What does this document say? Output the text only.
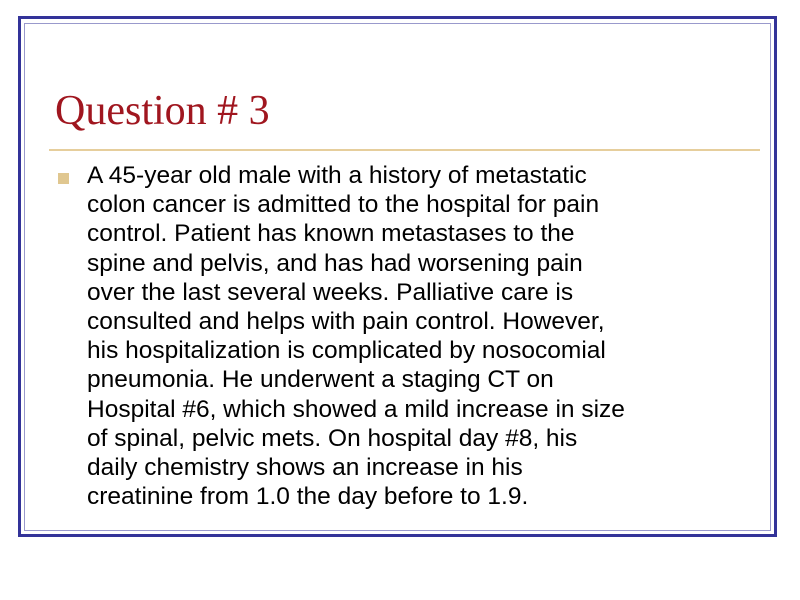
Question # 3

A 45-year old male with a history of metastatic
colon cancer is admitted to the hospital for pain
control. Patient has known metastases to the
spine and pelvis, and has had worsening pain
over the last several weeks. Palliative care is
consulted and helps with pain control. However,
his hospitalization is complicated by nosocomial
pneumonia. He underwent a staging CT on
Hospital #6, which showed a mild increase in size
of spinal, pelvic mets. On hospital day #8, his
daily chemistry shows an increase in his
creatinine from 1.0 the day before to 1.9.
